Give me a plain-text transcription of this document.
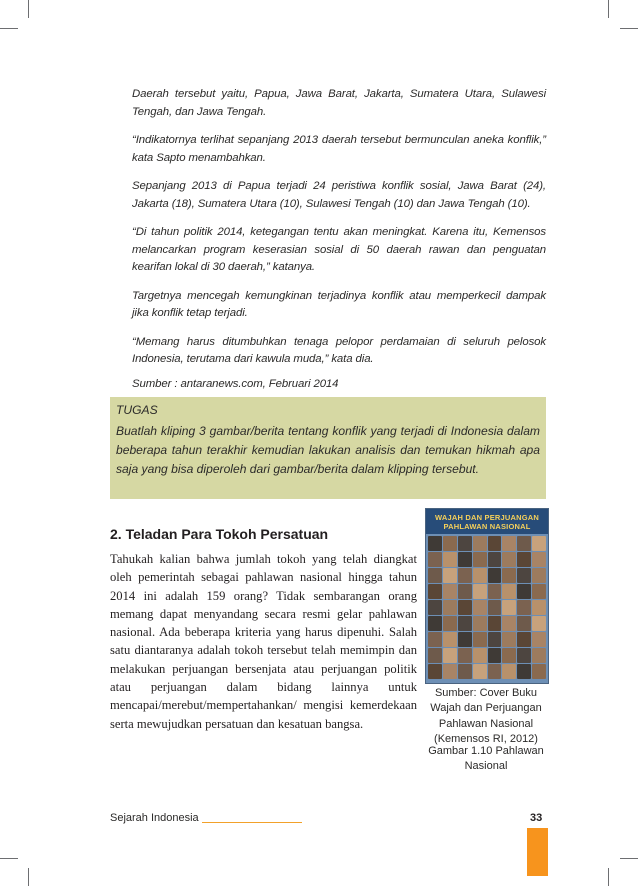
Daerah tersebut yaitu, Papua, Jawa Barat, Jakarta, Sumatera Utara, Sulawesi Tengah, dan Jawa Tengah.

“Indikatornya terlihat sepanjang 2013 daerah tersebut bermunculan aneka konflik,” kata Sapto menambahkan.

Sepanjang 2013 di Papua terjadi 24 peristiwa konflik sosial, Jawa Barat (24), Jakarta (18), Sumatera Utara (10), Sulawesi Tengah (10) dan Jawa Tengah (10).

“Di tahun politik 2014, ketegangan tentu akan meningkat. Karena itu, Kemensos melancarkan program keserasian sosial di 50 daerah rawan dan penguatan kearifan lokal di 30 daerah,” katanya.

Targetnya mencegah kemungkinan terjadinya konflik atau memperkecil dampak jika konflik tetap terjadi.

“Memang harus ditumbuhkan tenaga pelopor perdamaian di seluruh pelosok Indonesia, terutama dari kawula muda,” kata dia.

Sumber : antaranews.com, Februari 2014

TUGAS

Buatlah kliping 3 gambar/berita tentang konflik yang terjadi di Indonesia dalam beberapa tahun terakhir kemudian lakukan analisis dan temukan hikmah apa saja yang bisa diperoleh dari gambar/berita dalam klipping tersebut.

2. Teladan Para Tokoh Persatuan
Tahukah kalian bahwa jumlah tokoh yang telah diangkat oleh pemerintah sebagai pahlawan nasional hingga tahun 2014 ini adalah 159 orang? Tidak sembarangan orang memang dapat menyandang secara resmi gelar pahlawan nasional. Ada beberapa kriteria yang harus dipenuhi. Salah satu diantaranya adalah tokoh tersebut telah memimpin dan melakukan perjuangan bersenjata atau perjuangan politik atau perjuangan dalam bidang lainnya untuk mencapai/merebut/mempertahankan/ mengisi kemerdekaan serta mewujudkan persatuan dan kesatuan bangsa.
WAJAH DAN PERJUANGAN PAHLAWAN NASIONAL
Sumber: Cover Buku Wajah dan Perjuangan Pahlawan Nasional (Kemensos RI, 2012)
Gambar 1.10 Pahlawan Nasional
Sejarah Indonesia	33
